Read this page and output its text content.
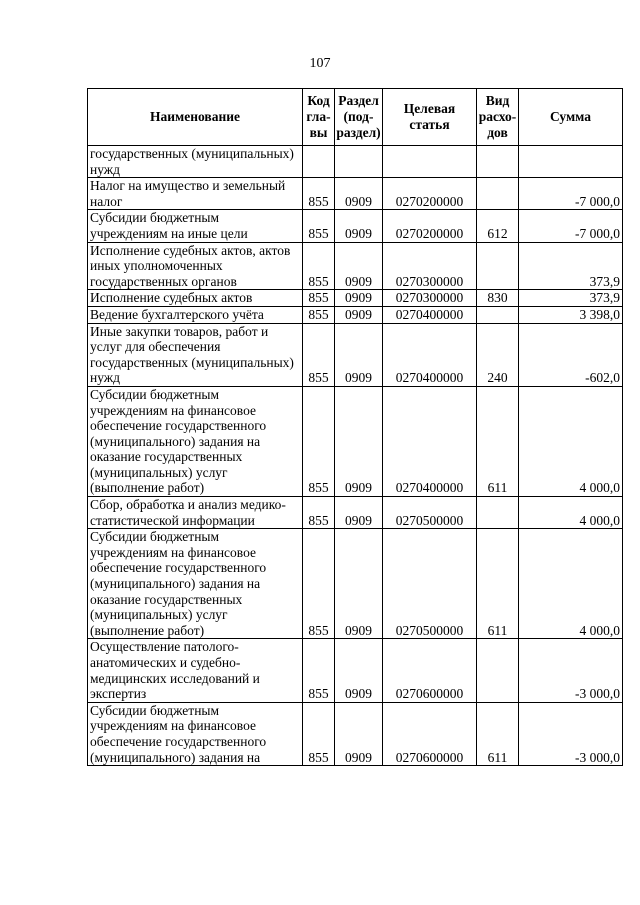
107
Наименование	Код гла-вы	Раздел (под-раздел)	Целевая статья	Вид расхо-дов	Сумма
государственных (муниципальных) нужд					
Налог на имущество и земельный налог	855	0909	0270200000		-7 000,0
Субсидии бюджетным учреждениям на иные цели	855	0909	0270200000	612	-7 000,0
Исполнение судебных актов, актов иных уполномоченных государственных органов	855	0909	0270300000		373,9
Исполнение судебных актов	855	0909	0270300000	830	373,9
Ведение бухгалтерского учёта	855	0909	0270400000		3 398,0
Иные закупки товаров, работ и услуг для обеспечения государственных (муниципальных) нужд	855	0909	0270400000	240	-602,0
Субсидии бюджетным учреждениям на финансовое обеспечение государственного (муниципального) задания на оказание государственных (муниципальных) услуг (выполнение работ)	855	0909	0270400000	611	4 000,0
Сбор, обработка и анализ медико-статистической информации	855	0909	0270500000		4 000,0
Субсидии бюджетным учреждениям на финансовое обеспечение государственного (муниципального) задания на оказание государственных (муниципальных) услуг (выполнение работ)	855	0909	0270500000	611	4 000,0
Осуществление патолого-анатомических и судебно-медицинских исследований и экспертиз	855	0909	0270600000		-3 000,0
Субсидии бюджетным учреждениям на финансовое обеспечение государственного (муниципального) задания на	855	0909	0270600000	611	-3 000,0
